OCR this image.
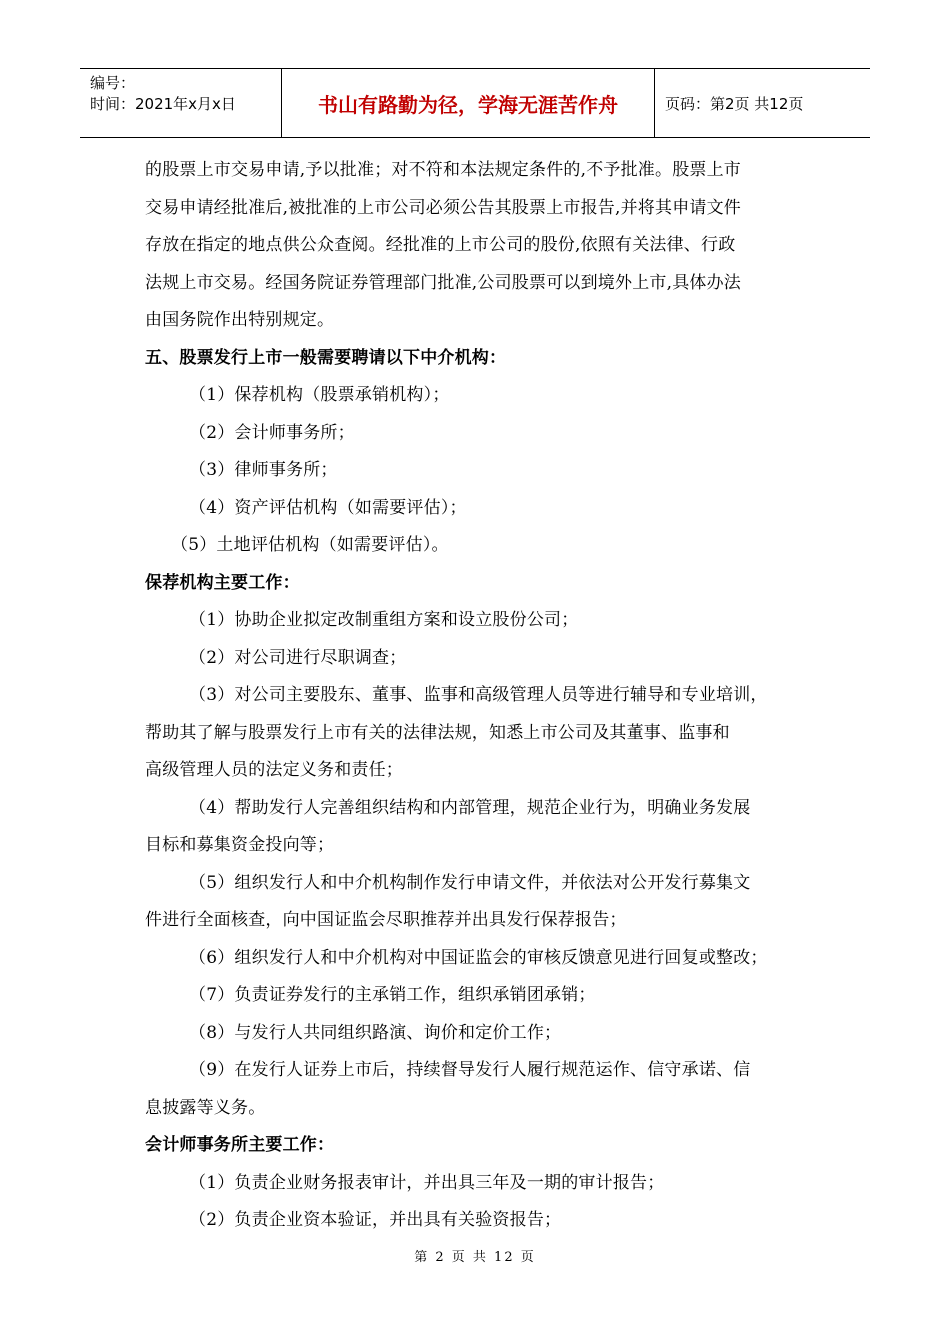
编号：
时间：2021年x月x日	书山有路勤为径，学海无涯苦作舟	页码：第2页 共12页
的股票上市交易申请,予以批准；对不符和本法规定条件的,不予批准。股票上市
交易申请经批准后,被批准的上市公司必须公告其股票上市报告,并将其申请文件
存放在指定的地点供公众查阅。经批准的上市公司的股份,依照有关法律、行政
法规上市交易。经国务院证券管理部门批准,公司股票可以到境外上市,具体办法
由国务院作出特别规定。
五、股票发行上市一般需要聘请以下中介机构：
（1）保荐机构（股票承销机构）；
（2）会计师事务所；
（3）律师事务所；
（4）资产评估机构（如需要评估）；
（5）土地评估机构（如需要评估）。
保荐机构主要工作：
（1）协助企业拟定改制重组方案和设立股份公司；
（2）对公司进行尽职调查；
（3）对公司主要股东、董事、监事和高级管理人员等进行辅导和专业培训，
帮助其了解与股票发行上市有关的法律法规，知悉上市公司及其董事、监事和
高级管理人员的法定义务和责任；
（4）帮助发行人完善组织结构和内部管理，规范企业行为，明确业务发展
目标和募集资金投向等；
（5）组织发行人和中介机构制作发行申请文件，并依法对公开发行募集文
件进行全面核查，向中国证监会尽职推荐并出具发行保荐报告；
（6）组织发行人和中介机构对中国证监会的审核反馈意见进行回复或整改；
（7）负责证券发行的主承销工作，组织承销团承销；
（8）与发行人共同组织路演、询价和定价工作；
（9）在发行人证券上市后，持续督导发行人履行规范运作、信守承诺、信
息披露等义务。
会计师事务所主要工作：
（1）负责企业财务报表审计，并出具三年及一期的审计报告；
（2）负责企业资本验证，并出具有关验资报告；
第 2 页 共 12 页
